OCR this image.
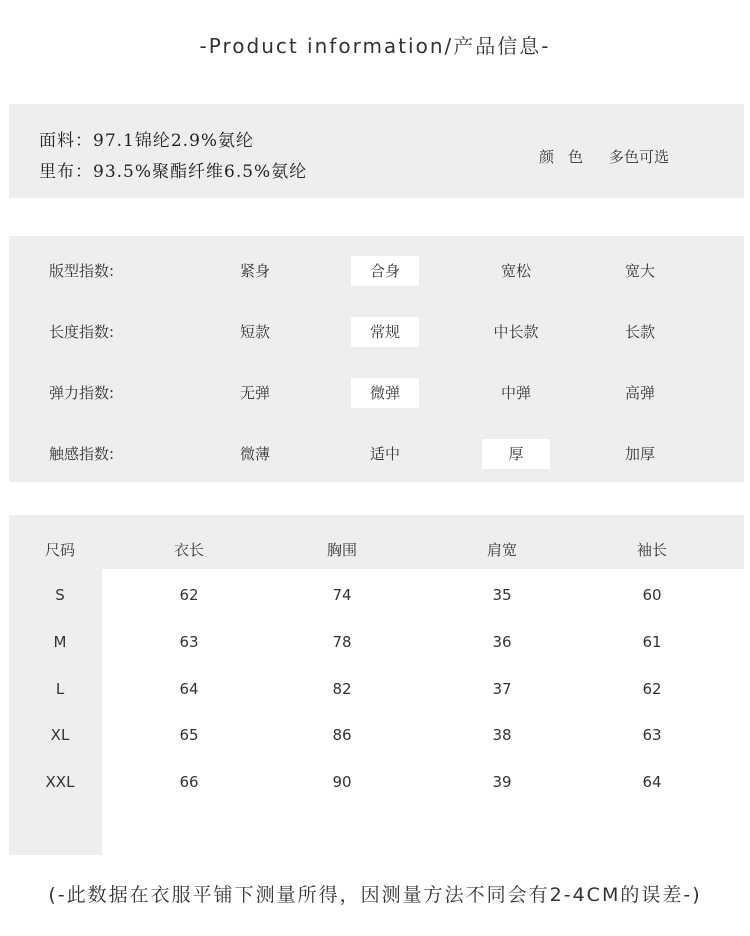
-Product information/产品信息-
面料：97.1锦纶2.9%氨纶
里布：93.5%聚酯纤维6.5%氨纶
颜色 多色可选
版型指数:	紧身	合身	宽松	宽大
长度指数:	短款	常规	中长款	长款
弹力指数:	无弹	微弹	中弹	高弹
触感指数:	微薄	适中	厚	加厚
尺码	衣长	胸围	肩宽	袖长
S	62	74	35	60
M	63	78	36	61
L	64	82	37	62
XL	65	86	38	63
XXL	66	90	39	64
(-此数据在衣服平铺下测量所得，因测量方法不同会有2-4CM的误差-)
